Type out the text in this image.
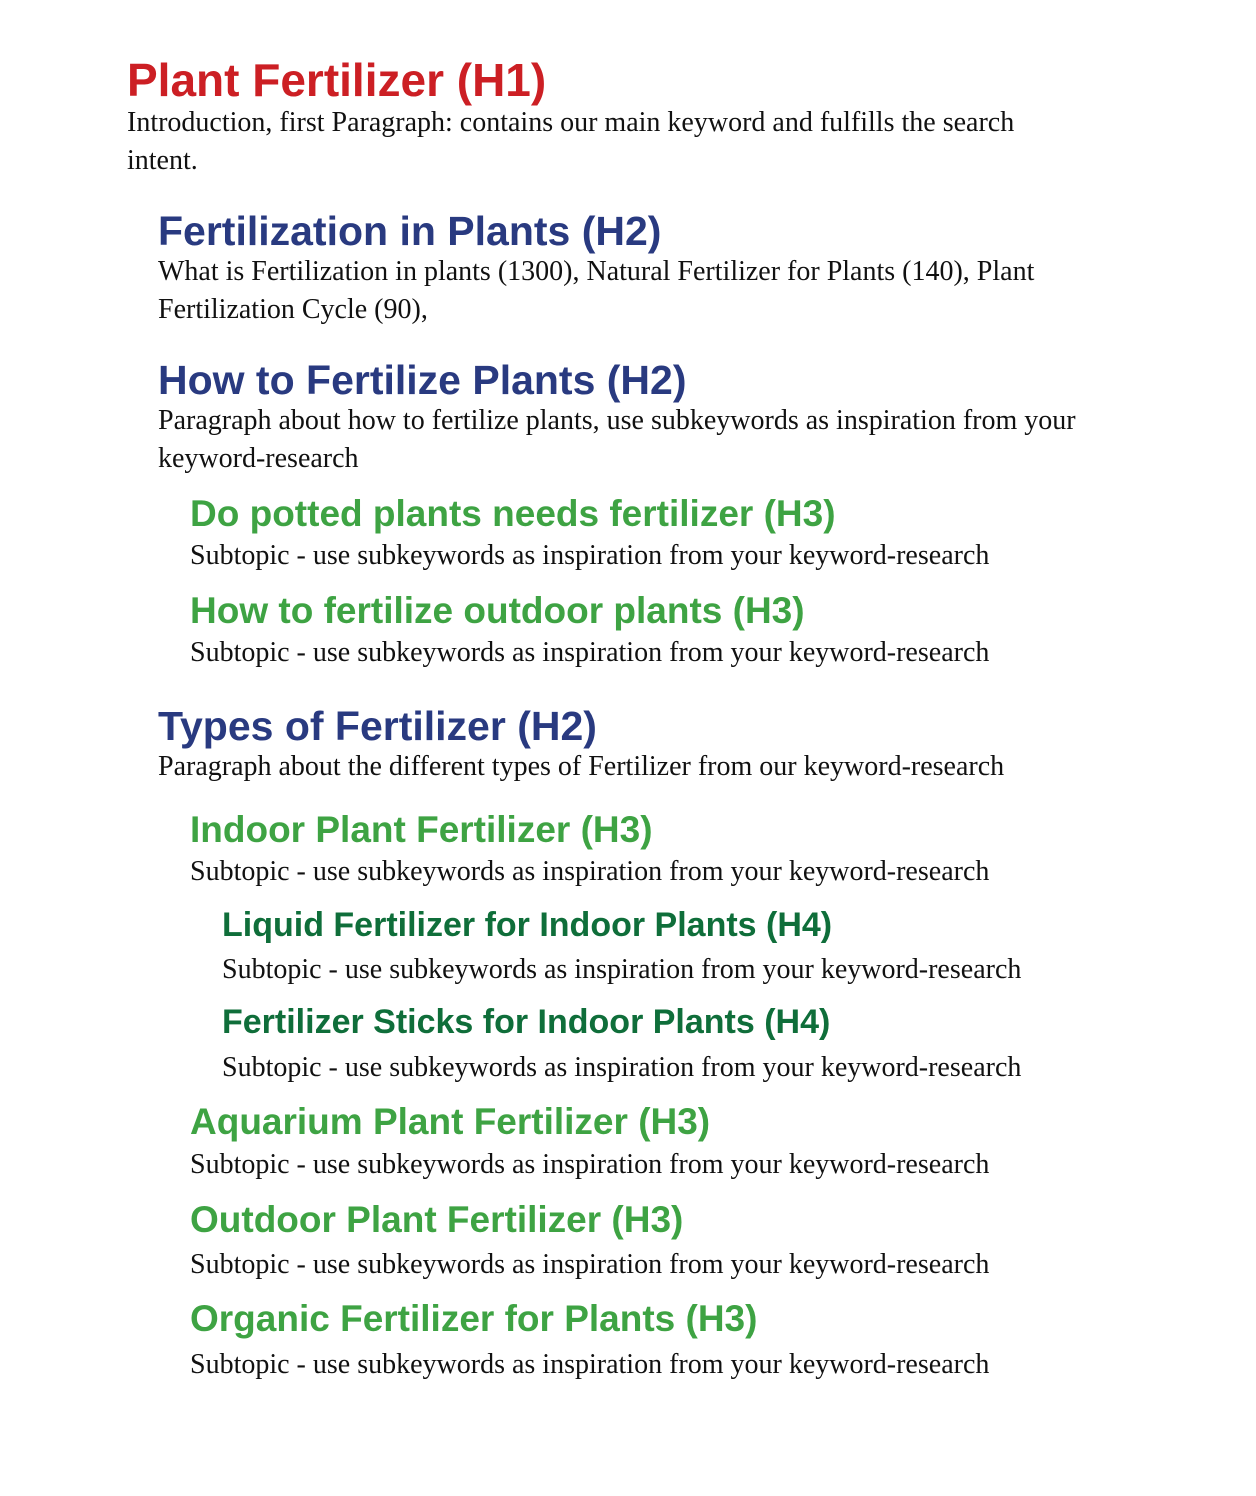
Plant Fertilizer (H1)

Introduction, first Paragraph: contains our main keyword and fulfills the search intent.

Fertilization in Plants (H2)

What is Fertilization in plants (1300), Natural Fertilizer for Plants (140), Plant Fertilization Cycle (90),

How to Fertilize Plants (H2)

Paragraph about how to fertilize plants, use subkeywords as inspiration from your keyword-research

Do potted plants needs fertilizer (H3)

Subtopic - use subkeywords as inspiration from your keyword-research

How to fertilize outdoor plants (H3)

Subtopic - use subkeywords as inspiration from your keyword-research

Types of Fertilizer (H2)

Paragraph about the different types of Fertilizer from our keyword-research

Indoor Plant Fertilizer (H3)

Subtopic - use subkeywords as inspiration from your keyword-research

Liquid Fertilizer for Indoor Plants (H4)

Subtopic - use subkeywords as inspiration from your keyword-research

Fertilizer Sticks for Indoor Plants (H4)

Subtopic - use subkeywords as inspiration from your keyword-research

Aquarium Plant Fertilizer (H3)

Subtopic - use subkeywords as inspiration from your keyword-research

Outdoor Plant Fertilizer (H3)

Subtopic - use subkeywords as inspiration from your keyword-research

Organic Fertilizer for Plants (H3)

Subtopic - use subkeywords as inspiration from your keyword-research
